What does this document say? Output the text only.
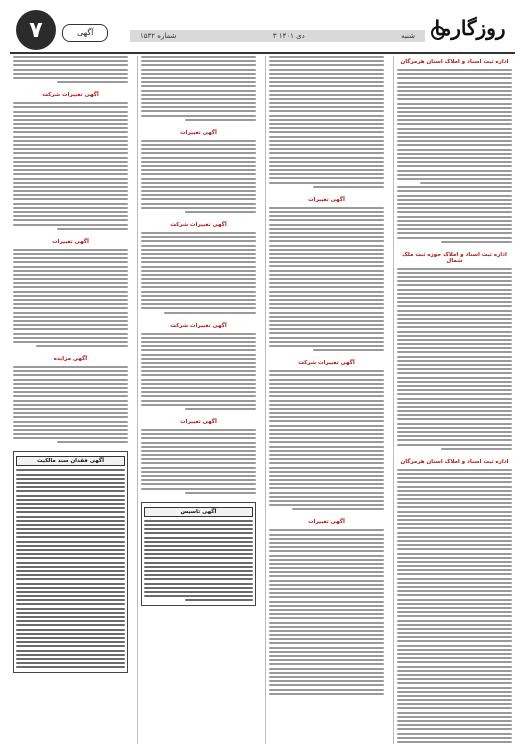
۷	آگهی	شماره ۱۵۳۲	۳ دی ۱۴۰۱	شنبه روزگارما
اداره ثبت اسناد و املاک استان هرمزگان
اداره ثبت اسناد و املاک حوزه ثبت ملک شمال
اداره ثبت اسناد و املاک استان هرمزگان
آگهی تغییرات
آگهی تغییرات شرکت
آگهی تغییرات
آگهی تغییرات
آگهی تغییرات شرکت
آگهی تغییرات شرکت
آگهی تغییرات
آگهی تاسیس
آگهی تغییرات شرکت
آگهی تغییرات
آگهی مزایده
آگهی فقدان سند مالکیت
